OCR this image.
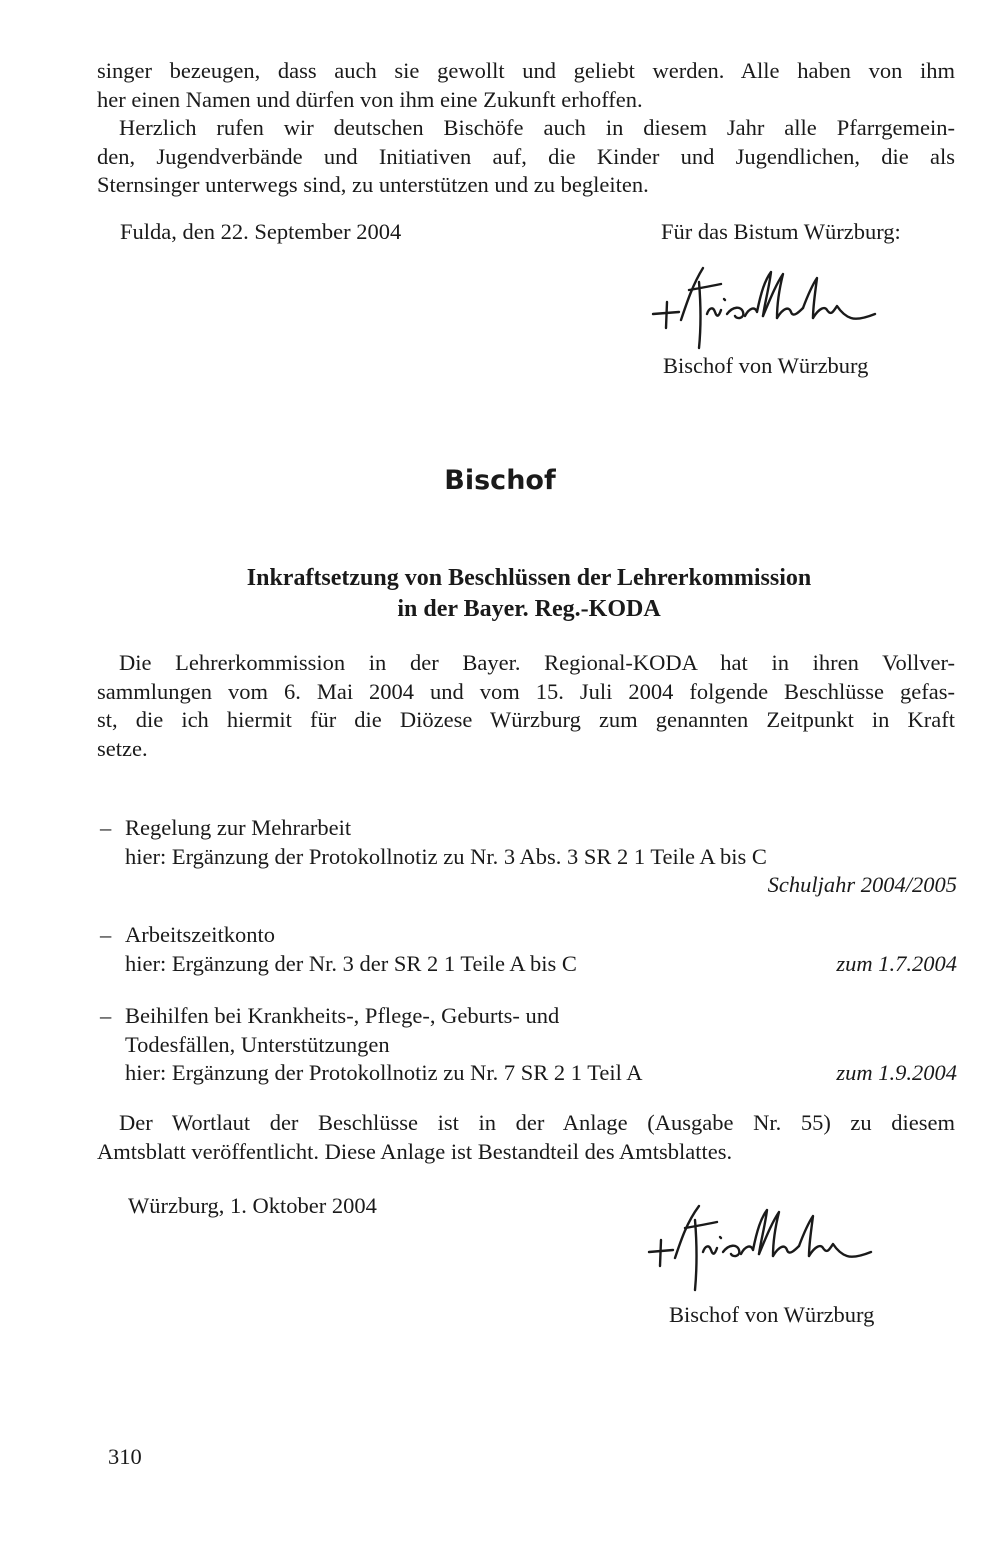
singer bezeugen, dass auch sie gewollt und geliebt werden. Alle haben von ihm
her einen Namen und dürfen von ihm eine Zukunft erhoffen.
Herzlich rufen wir deutschen Bischöfe auch in diesem Jahr alle Pfarrgemein-
den, Jugendverbände und Initiativen auf, die Kinder und Jugendlichen, die als
Sternsinger unterwegs sind, zu unterstützen und zu begleiten.
Fulda, den 22. September 2004	Für das Bistum Würzburg:
Bischof von Würzburg
Bischof
Inkraftsetzung von Beschlüssen der Lehrerkommission
in der Bayer. Reg.-KODA
Die Lehrerkommission in der Bayer. Regional-KODA hat in ihren Vollver-
sammlungen vom 6. Mai 2004 und vom 15. Juli 2004 folgende Beschlüsse gefas-
st, die ich hiermit für die Diözese Würzburg zum genannten Zeitpunkt in Kraft
setze.
– Regelung zur Mehrarbeit
hier: Ergänzung der Protokollnotiz zu Nr. 3 Abs. 3 SR 2 1 Teile A bis C
Schuljahr 2004/2005
– Arbeitszeitkonto
hier: Ergänzung der Nr. 3 der SR 2 1 Teile A bis C	zum 1.7.2004
– Beihilfen bei Krankheits-, Pflege-, Geburts- und
Todesfällen, Unterstützungen
hier: Ergänzung der Protokollnotiz zu Nr. 7 SR 2 1 Teil A	zum 1.9.2004
Der Wortlaut der Beschlüsse ist in der Anlage (Ausgabe Nr. 55) zu diesem
Amtsblatt veröffentlicht. Diese Anlage ist Bestandteil des Amtsblattes.
Würzburg, 1. Oktober 2004
Bischof von Würzburg
310
